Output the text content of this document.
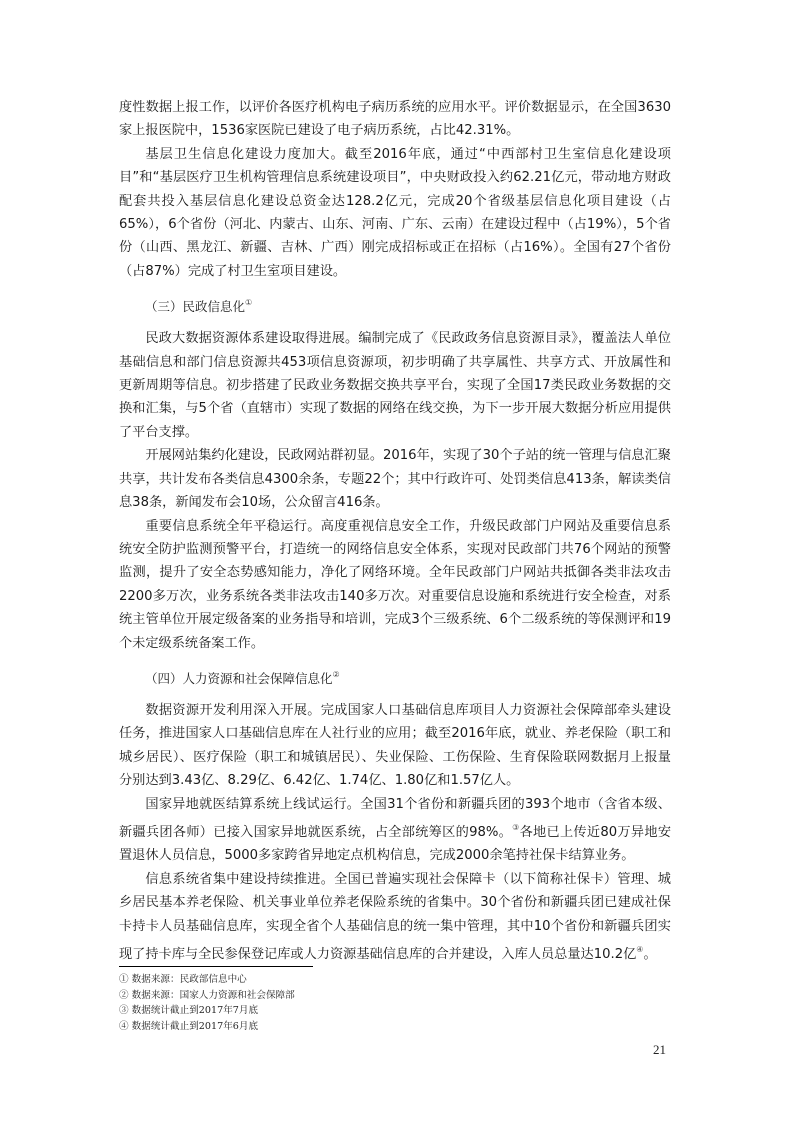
度性数据上报工作，以评价各医疗机构电子病历系统的应用水平。评价数据显示，在全国3630家上报医院中，1536家医院已建设了电子病历系统，占比42.31%。

基层卫生信息化建设力度加大。截至2016年底，通过“中西部村卫生室信息化建设项目”和“基层医疗卫生机构管理信息系统建设项目”，中央财政投入约62.21亿元，带动地方财政配套共投入基层信息化建设总资金达128.2亿元，完成20个省级基层信息化项目建设（占65%），6个省份（河北、内蒙古、山东、河南、广东、云南）在建设过程中（占19%），5个省份（山西、黑龙江、新疆、吉林、广西）刚完成招标或正在招标（占16%）。全国有27个省份（占87%）完成了村卫生室项目建设。

（三）民政信息化①

民政大数据资源体系建设取得进展。编制完成了《民政政务信息资源目录》，覆盖法人单位基础信息和部门信息资源共453项信息资源项，初步明确了共享属性、共享方式、开放属性和更新周期等信息。初步搭建了民政业务数据交换共享平台，实现了全国17类民政业务数据的交换和汇集，与5个省（直辖市）实现了数据的网络在线交换，为下一步开展大数据分析应用提供了平台支撑。

开展网站集约化建设，民政网站群初显。2016年，实现了30个子站的统一管理与信息汇聚共享，共计发布各类信息4300余条，专题22个；其中行政许可、处罚类信息413条，解读类信息38条，新闻发布会10场，公众留言416条。

重要信息系统全年平稳运行。高度重视信息安全工作，升级民政部门户网站及重要信息系统安全防护监测预警平台，打造统一的网络信息安全体系，实现对民政部门共76个网站的预警监测，提升了安全态势感知能力，净化了网络环境。全年民政部门户网站共抵御各类非法攻击2200多万次，业务系统各类非法攻击140多万次。对重要信息设施和系统进行安全检查，对系统主管单位开展定级备案的业务指导和培训，完成3个三级系统、6个二级系统的等保测评和19个未定级系统备案工作。

（四）人力资源和社会保障信息化②

数据资源开发利用深入开展。完成国家人口基础信息库项目人力资源社会保障部牵头建设任务，推进国家人口基础信息库在人社行业的应用；截至2016年底，就业、养老保险（职工和城乡居民）、医疗保险（职工和城镇居民）、失业保险、工伤保险、生育保险联网数据月上报量分别达到3.43亿、8.29亿、6.42亿、1.74亿、1.80亿和1.57亿人。

国家异地就医结算系统上线试运行。全国31个省份和新疆兵团的393个地市（含省本级、新疆兵团各师）已接入国家异地就医系统，占全部统筹区的98%。③各地已上传近80万异地安置退休人员信息，5000多家跨省异地定点机构信息，完成2000余笔持社保卡结算业务。

信息系统省集中建设持续推进。全国已普遍实现社会保障卡（以下简称社保卡）管理、城乡居民基本养老保险、机关事业单位养老保险系统的省集中。30个省份和新疆兵团已建成社保卡持卡人员基础信息库，实现全省个人基础信息的统一集中管理，其中10个省份和新疆兵团实现了持卡库与全民参保登记库或人力资源基础信息库的合并建设，入库人员总量达10.2亿④。

① 数据来源：民政部信息中心

② 数据来源：国家人力资源和社会保障部

③ 数据统计截止到2017年7月底

④ 数据统计截止到2017年6月底

21
